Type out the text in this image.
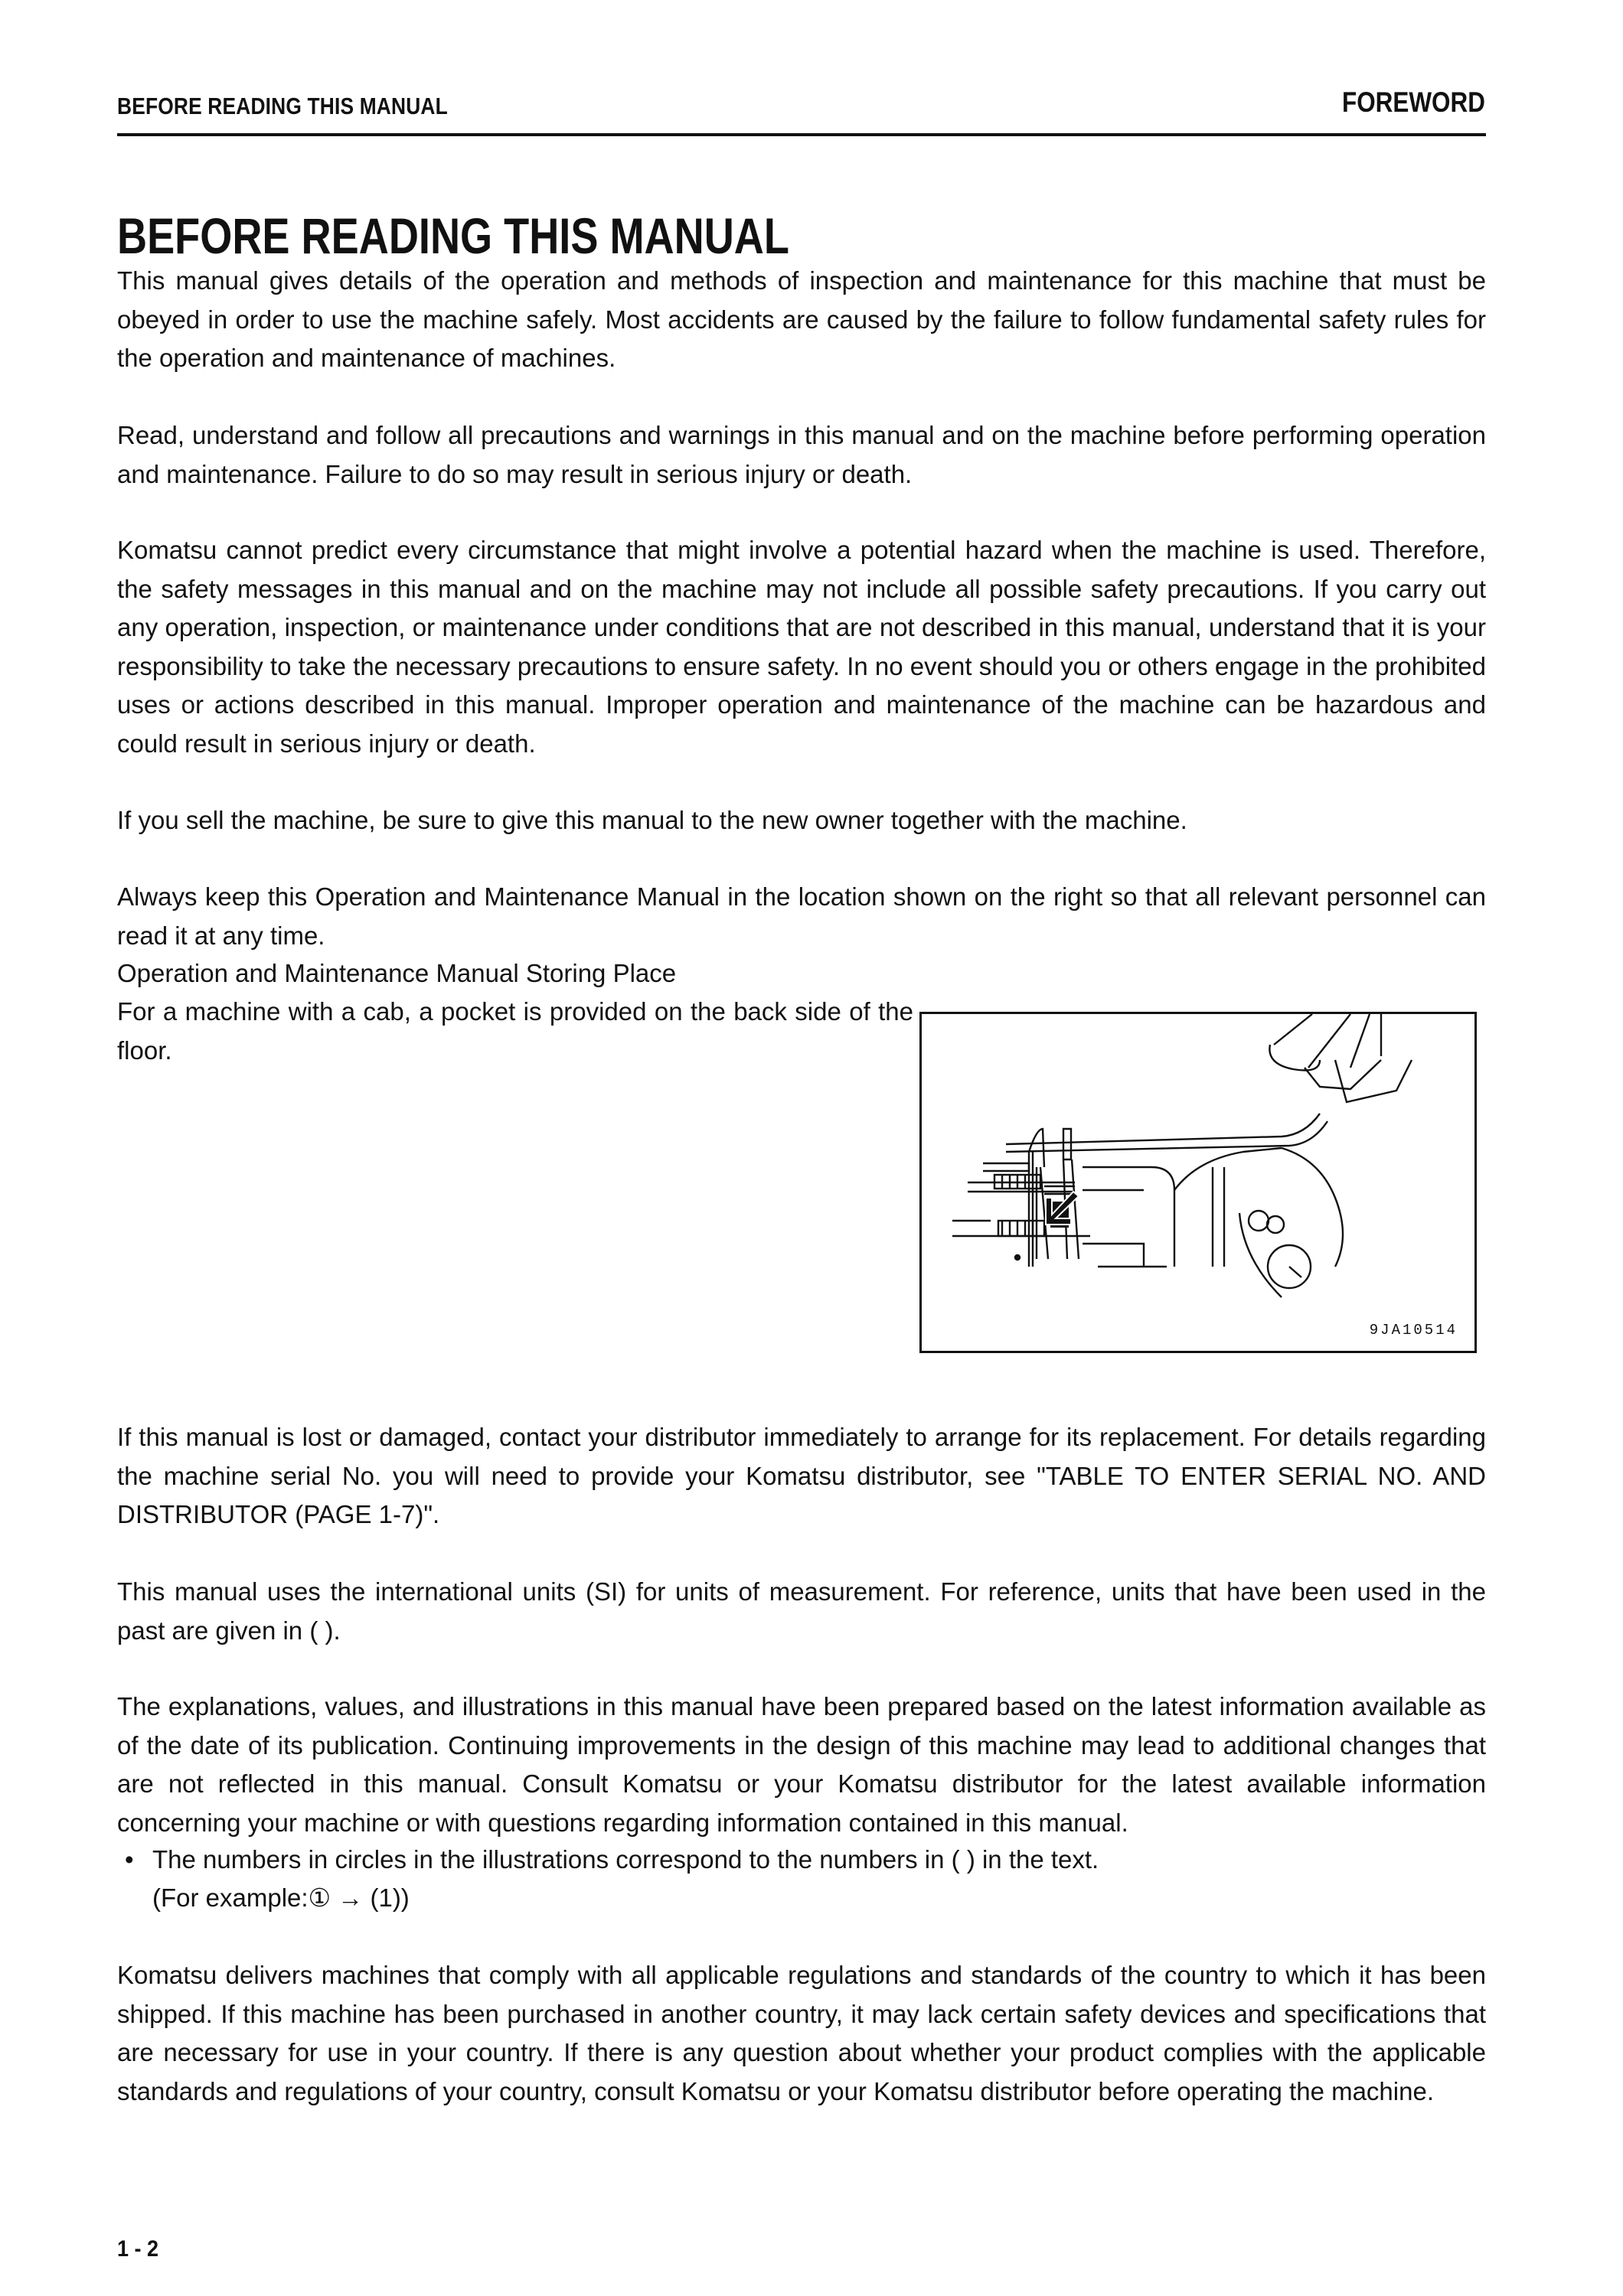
BEFORE READING THIS MANUAL	FOREWORD
BEFORE READING THIS MANUAL
This manual gives details of the operation and methods of inspection and maintenance for this machine that must be obeyed in order to use the machine safely. Most accidents are caused by the failure to follow fundamental safety rules for the operation and maintenance of machines.
Read, understand and follow all precautions and warnings in this manual and on the machine before performing operation and maintenance. Failure to do so may result in serious injury or death.
Komatsu cannot predict every circumstance that might involve a potential hazard when the machine is used. Therefore, the safety messages in this manual and on the machine may not include all possible safety precautions. If you carry out any operation, inspection, or maintenance under conditions that are not described in this manual, understand that it is your responsibility to take the necessary precautions to ensure safety. In no event should you or others engage in the prohibited uses or actions described in this manual. Improper operation and maintenance of the machine can be hazardous and could result in serious injury or death.
If you sell the machine, be sure to give this manual to the new owner together with the machine.
Always keep this Operation and Maintenance Manual in the location shown on the right so that all relevant personnel can read it at any time.
Operation and Maintenance Manual Storing Place
For a machine with a cab, a pocket is provided on the back side of the floor.
9JA10514
If this manual is lost or damaged, contact your distributor immediately to arrange for its replacement. For details regarding the machine serial No. you will need to provide your Komatsu distributor, see "TABLE TO ENTER SERIAL NO. AND DISTRIBUTOR (PAGE 1-7)".
This manual uses the international units (SI) for units of measurement. For reference, units that have been used in the past are given in ( ).
The explanations, values, and illustrations in this manual have been prepared based on the latest information available as of the date of its publication. Continuing improvements in the design of this machine may lead to additional changes that are not reflected in this manual. Consult Komatsu or your Komatsu distributor for the latest available information concerning your machine or with questions regarding information contained in this manual.
• The numbers in circles in the illustrations correspond to the numbers in ( ) in the text.
(For example:① → (1))
Komatsu delivers machines that comply with all applicable regulations and standards of the country to which it has been shipped. If this machine has been purchased in another country, it may lack certain safety devices and specifications that are necessary for use in your country. If there is any question about whether your product complies with the applicable standards and regulations of your country, consult Komatsu or your Komatsu distributor before operating the machine.
1 - 2
